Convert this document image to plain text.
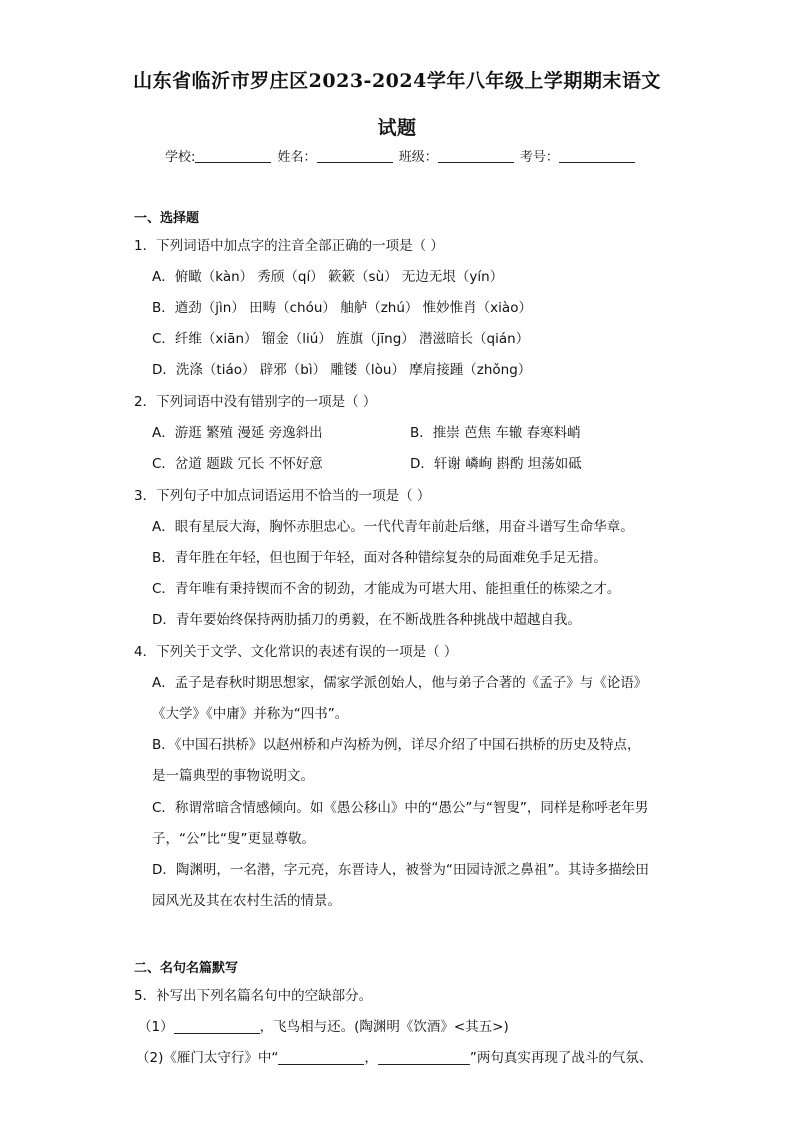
山东省临沂市罗庄区2023-2024学年八年级上学期期末语文
试题
学校:	姓名：	班级：	考号：
一、选择题
1．下列词语中加点字的注音全部正确的一项是（ ）
A．俯瞰（kàn） 秀颀（qí） 簌簌（sù） 无边无垠（yín）
B．遒劲（jìn） 田畴（chóu） 舳舻（zhú） 惟妙惟肖（xiào）
C．纤维（xiān） 镏金（liú） 旌旗（jīng） 潜滋暗长（qián）
D．洗涤（tiáo） 辟邪（bì） 雕镂（lòu） 摩肩接踵（zhǒng）
2．下列词语中没有错别字的一项是（ ）
A．游逛 繁殖 漫延 旁逸斜出	B．推崇 芭焦 车辙 春寒料峭
C．岔道 题跋 冗长 不怀好意	D．轩谢 嶙峋 斟酌 坦荡如砥
3．下列句子中加点词语运用不恰当的一项是（ ）
A．眼有星辰大海，胸怀赤胆忠心。一代代青年前赴后继，用奋斗谱写生命华章。
B．青年胜在年轻，但也囿于年轻，面对各种错综复杂的局面难免手足无措。
C．青年唯有秉持锲而不舍的韧劲，才能成为可堪大用、能担重任的栋梁之才。
D．青年要始终保持两肋插刀的勇毅，在不断战胜各种挑战中超越自我。
4．下列关于文学、文化常识的表述有误的一项是（ ）
A．孟子是春秋时期思想家，儒家学派创始人，他与弟子合著的《孟子》与《论语》
《大学》《中庸》并称为“四书”。
B．《中国石拱桥》以赵州桥和卢沟桥为例，详尽介绍了中国石拱桥的历史及特点，
是一篇典型的事物说明文。
C．称谓常暗含情感倾向。如《愚公移山》中的“愚公”与“智叟”，同样是称呼老年男
子，“公”比“叟”更显尊敬。
D．陶渊明，一名潜，字元亮，东晋诗人，被誉为“田园诗派之鼻祖”。其诗多描绘田
园风光及其在农村生活的情景。
二、名句名篇默写
5．补写出下列名篇名句中的空缺部分。
（1）	，飞鸟相与还。(陶渊明《饮酒》<其五>)
（2)《雁门太守行》中“	，	”两句真实再现了战斗的气氛、
